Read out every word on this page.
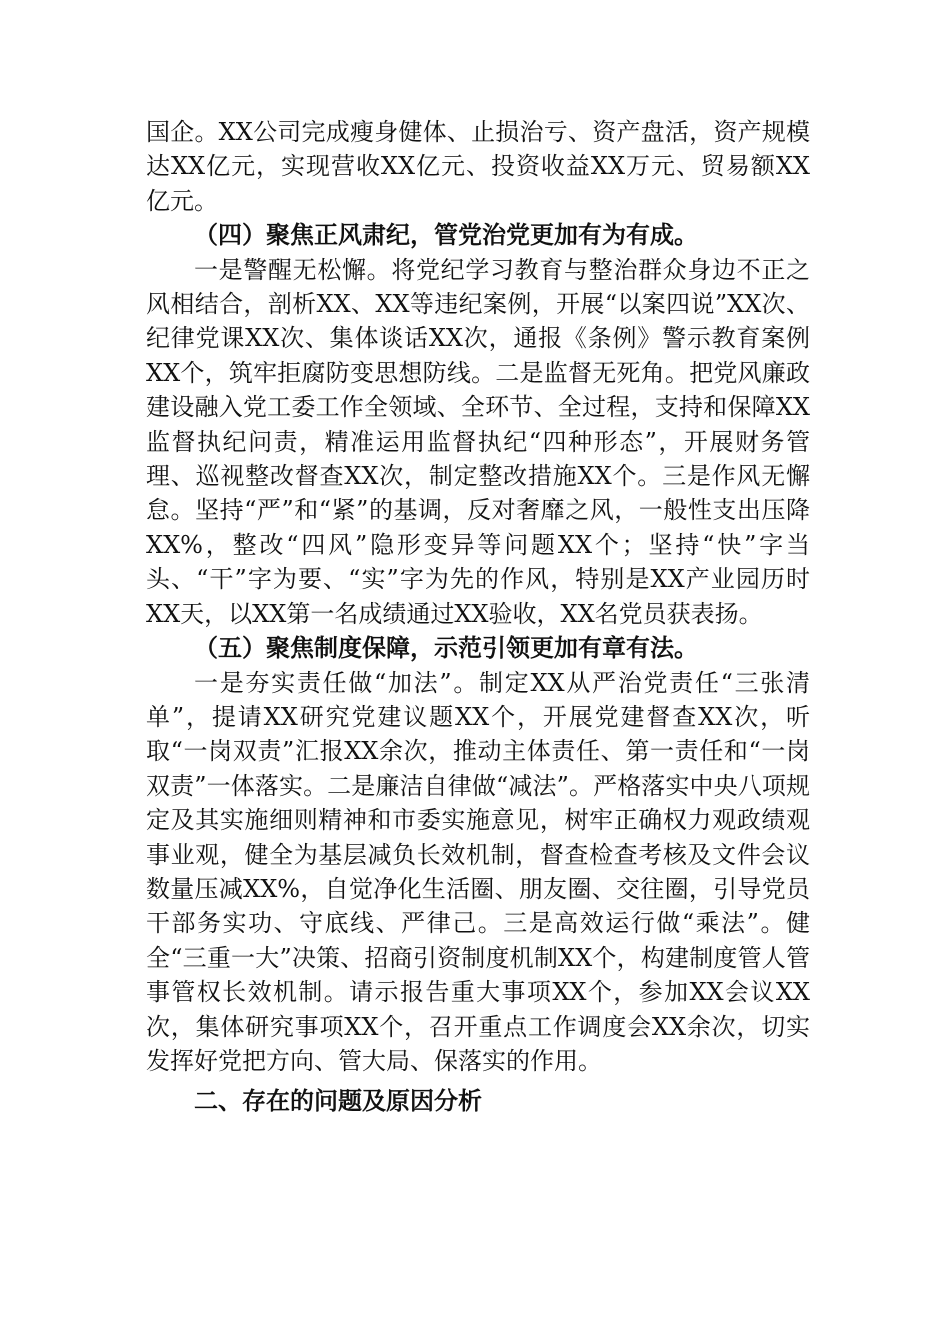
国企。XX公司完成瘦身健体、止损治亏、资产盘活，资产规模达XX亿元，实现营收XX亿元、投资收益XX万元、贸易额XX亿元。

（四）聚焦正风肃纪，管党治党更加有为有成。

一是警醒无松懈。将党纪学习教育与整治群众身边不正之风相结合，剖析XX、XX等违纪案例，开展“以案四说”XX次、纪律党课XX次、集体谈话XX次，通报《条例》警示教育案例XX个，筑牢拒腐防变思想防线。二是监督无死角。把党风廉政建设融入党工委工作全领域、全环节、全过程，支持和保障XX监督执纪问责，精准运用监督执纪“四种形态”，开展财务管理、巡视整改督查XX次，制定整改措施XX个。三是作风无懈怠。坚持“严”和“紧”的基调，反对奢靡之风，一般性支出压降XX%，整改“四风”隐形变异等问题XX个；坚持“快”字当头、“干”字为要、“实”字为先的作风，特别是XX产业园历时XX天，以XX第一名成绩通过XX验收，XX名党员获表扬。

（五）聚焦制度保障，示范引领更加有章有法。

一是夯实责任做“加法”。制定XX从严治党责任“三张清单”，提请XX研究党建议题XX个，开展党建督查XX次，听取“一岗双责”汇报XX余次，推动主体责任、第一责任和“一岗双责”一体落实。二是廉洁自律做“减法”。严格落实中央八项规定及其实施细则精神和市委实施意见，树牢正确权力观政绩观事业观，健全为基层减负长效机制，督查检查考核及文件会议数量压减XX%，自觉净化生活圈、朋友圈、交往圈，引导党员干部务实功、守底线、严律己。三是高效运行做“乘法”。健全“三重一大”决策、招商引资制度机制XX个，构建制度管人管事管权长效机制。请示报告重大事项XX个，参加XX会议XX次，集体研究事项XX个，召开重点工作调度会XX余次，切实发挥好党把方向、管大局、保落实的作用。

二、存在的问题及原因分析
